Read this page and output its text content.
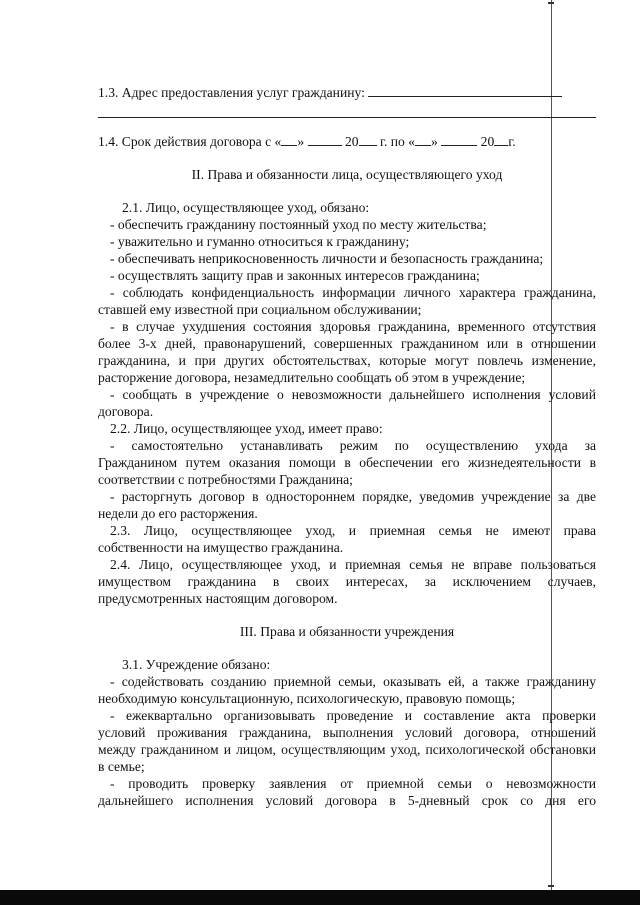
1.3. Адрес предоставления услуг гражданину:
1.4. Срок действия договора с « »	20 г. по « »	20 г.
II. Права и обязанности лица, осуществляющего уход
2.1. Лицо, осуществляющее уход, обязано:
- обеспечить гражданину постоянный уход по месту жительства;
- уважительно и гуманно относиться к гражданину;
- обеспечивать неприкосновенность личности и безопасность гражданина;
- осуществлять защиту прав и законных интересов гражданина;
- соблюдать конфиденциальность информации личного характера гражданина,
ставшей ему известной при социальном обслуживании;
- в случае ухудшения состояния здоровья гражданина, временного отсутствия
более 3-х дней, правонарушений, совершенных гражданином или в отношении
гражданина, и при других обстоятельствах, которые могут повлечь изменение,
расторжение договора, незамедлительно сообщать об этом в учреждение;
- сообщать в учреждение о невозможности дальнейшего исполнения условий
договора.
2.2. Лицо, осуществляющее уход, имеет право:
- самостоятельно устанавливать режим по осуществлению ухода за
Гражданином путем оказания помощи в обеспечении его жизнедеятельности в
соответствии с потребностями Гражданина;
- расторгнуть договор в одностороннем порядке, уведомив учреждение за две
недели до его расторжения.
2.3. Лицо, осуществляющее уход, и приемная семья не имеют права
собственности на имущество гражданина.
2.4. Лицо, осуществляющее уход, и приемная семья не вправе пользоваться
имуществом гражданина в своих интересах, за исключением случаев,
предусмотренных настоящим договором.
III. Права и обязанности учреждения
3.1. Учреждение обязано:
- содействовать созданию приемной семьи, оказывать ей, а также гражданину
необходимую консультационную, психологическую, правовую помощь;
- ежеквартально организовывать проведение и составление акта проверки
условий проживания гражданина, выполнения условий договора, отношений
между гражданином и лицом, осуществляющим уход, психологической обстановки
в семье;
- проводить проверку заявления от приемной семьи о невозможности
дальнейшего исполнения условий договора в 5-дневный срок со дня его
